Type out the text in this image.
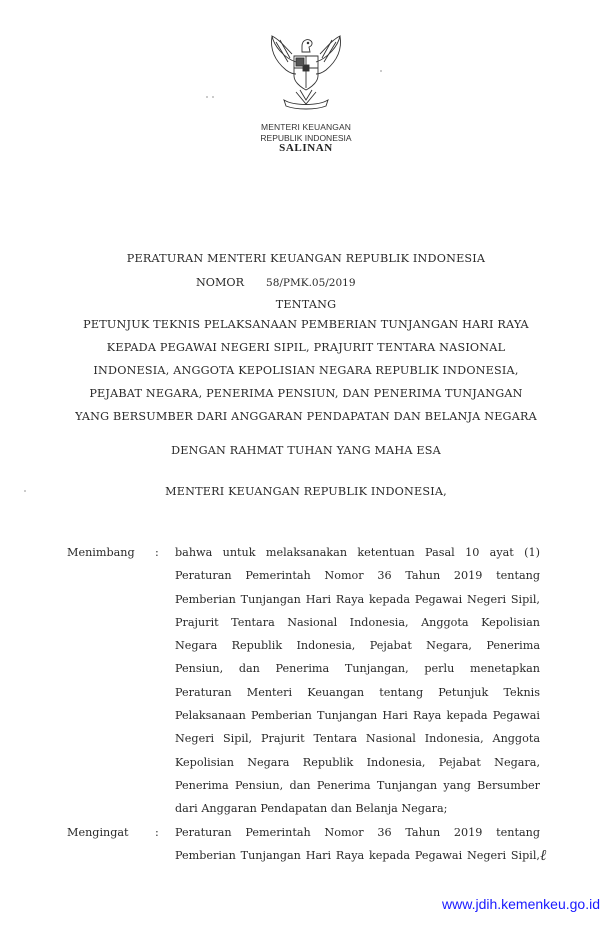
MENTERI KEUANGAN
REPUBLIK INDONESIA
SALINAN
PERATURAN MENTERI KEUANGAN REPUBLIK INDONESIA
NOMOR 58/PMK.05/2019
TENTANG
PETUNJUK TEKNIS PELAKSANAAN PEMBERIAN TUNJANGAN HARI RAYA
KEPADA PEGAWAI NEGERI SIPIL, PRAJURIT TENTARA NASIONAL
INDONESIA, ANGGOTA KEPOLISIAN NEGARA REPUBLIK INDONESIA,
PEJABAT NEGARA, PENERIMA PENSIUN, DAN PENERIMA TUNJANGAN
YANG BERSUMBER DARI ANGGARAN PENDAPATAN DAN BELANJA NEGARA
DENGAN RAHMAT TUHAN YANG MAHA ESA
MENTERI KEUANGAN REPUBLIK INDONESIA,
Menimbang : bahwa untuk melaksanakan ketentuan Pasal 10 ayat (1)
Peraturan Pemerintah Nomor 36 Tahun 2019 tentang
Pemberian Tunjangan Hari Raya kepada Pegawai Negeri Sipil,
Prajurit Tentara Nasional Indonesia, Anggota Kepolisian
Negara Republik Indonesia, Pejabat Negara, Penerima
Pensiun, dan Penerima Tunjangan, perlu menetapkan
Peraturan Menteri Keuangan tentang Petunjuk Teknis
Pelaksanaan Pemberian Tunjangan Hari Raya kepada Pegawai
Negeri Sipil, Prajurit Tentara Nasional Indonesia, Anggota
Kepolisian Negara Republik Indonesia, Pejabat Negara,
Penerima Pensiun, dan Penerima Tunjangan yang Bersumber
dari Anggaran Pendapatan dan Belanja Negara;
Mengingat : Peraturan Pemerintah Nomor 36 Tahun 2019 tentang
Pemberian Tunjangan Hari Raya kepada Pegawai Negeri Sipil, ℓ
www.jdih.kemenkeu.go.id
